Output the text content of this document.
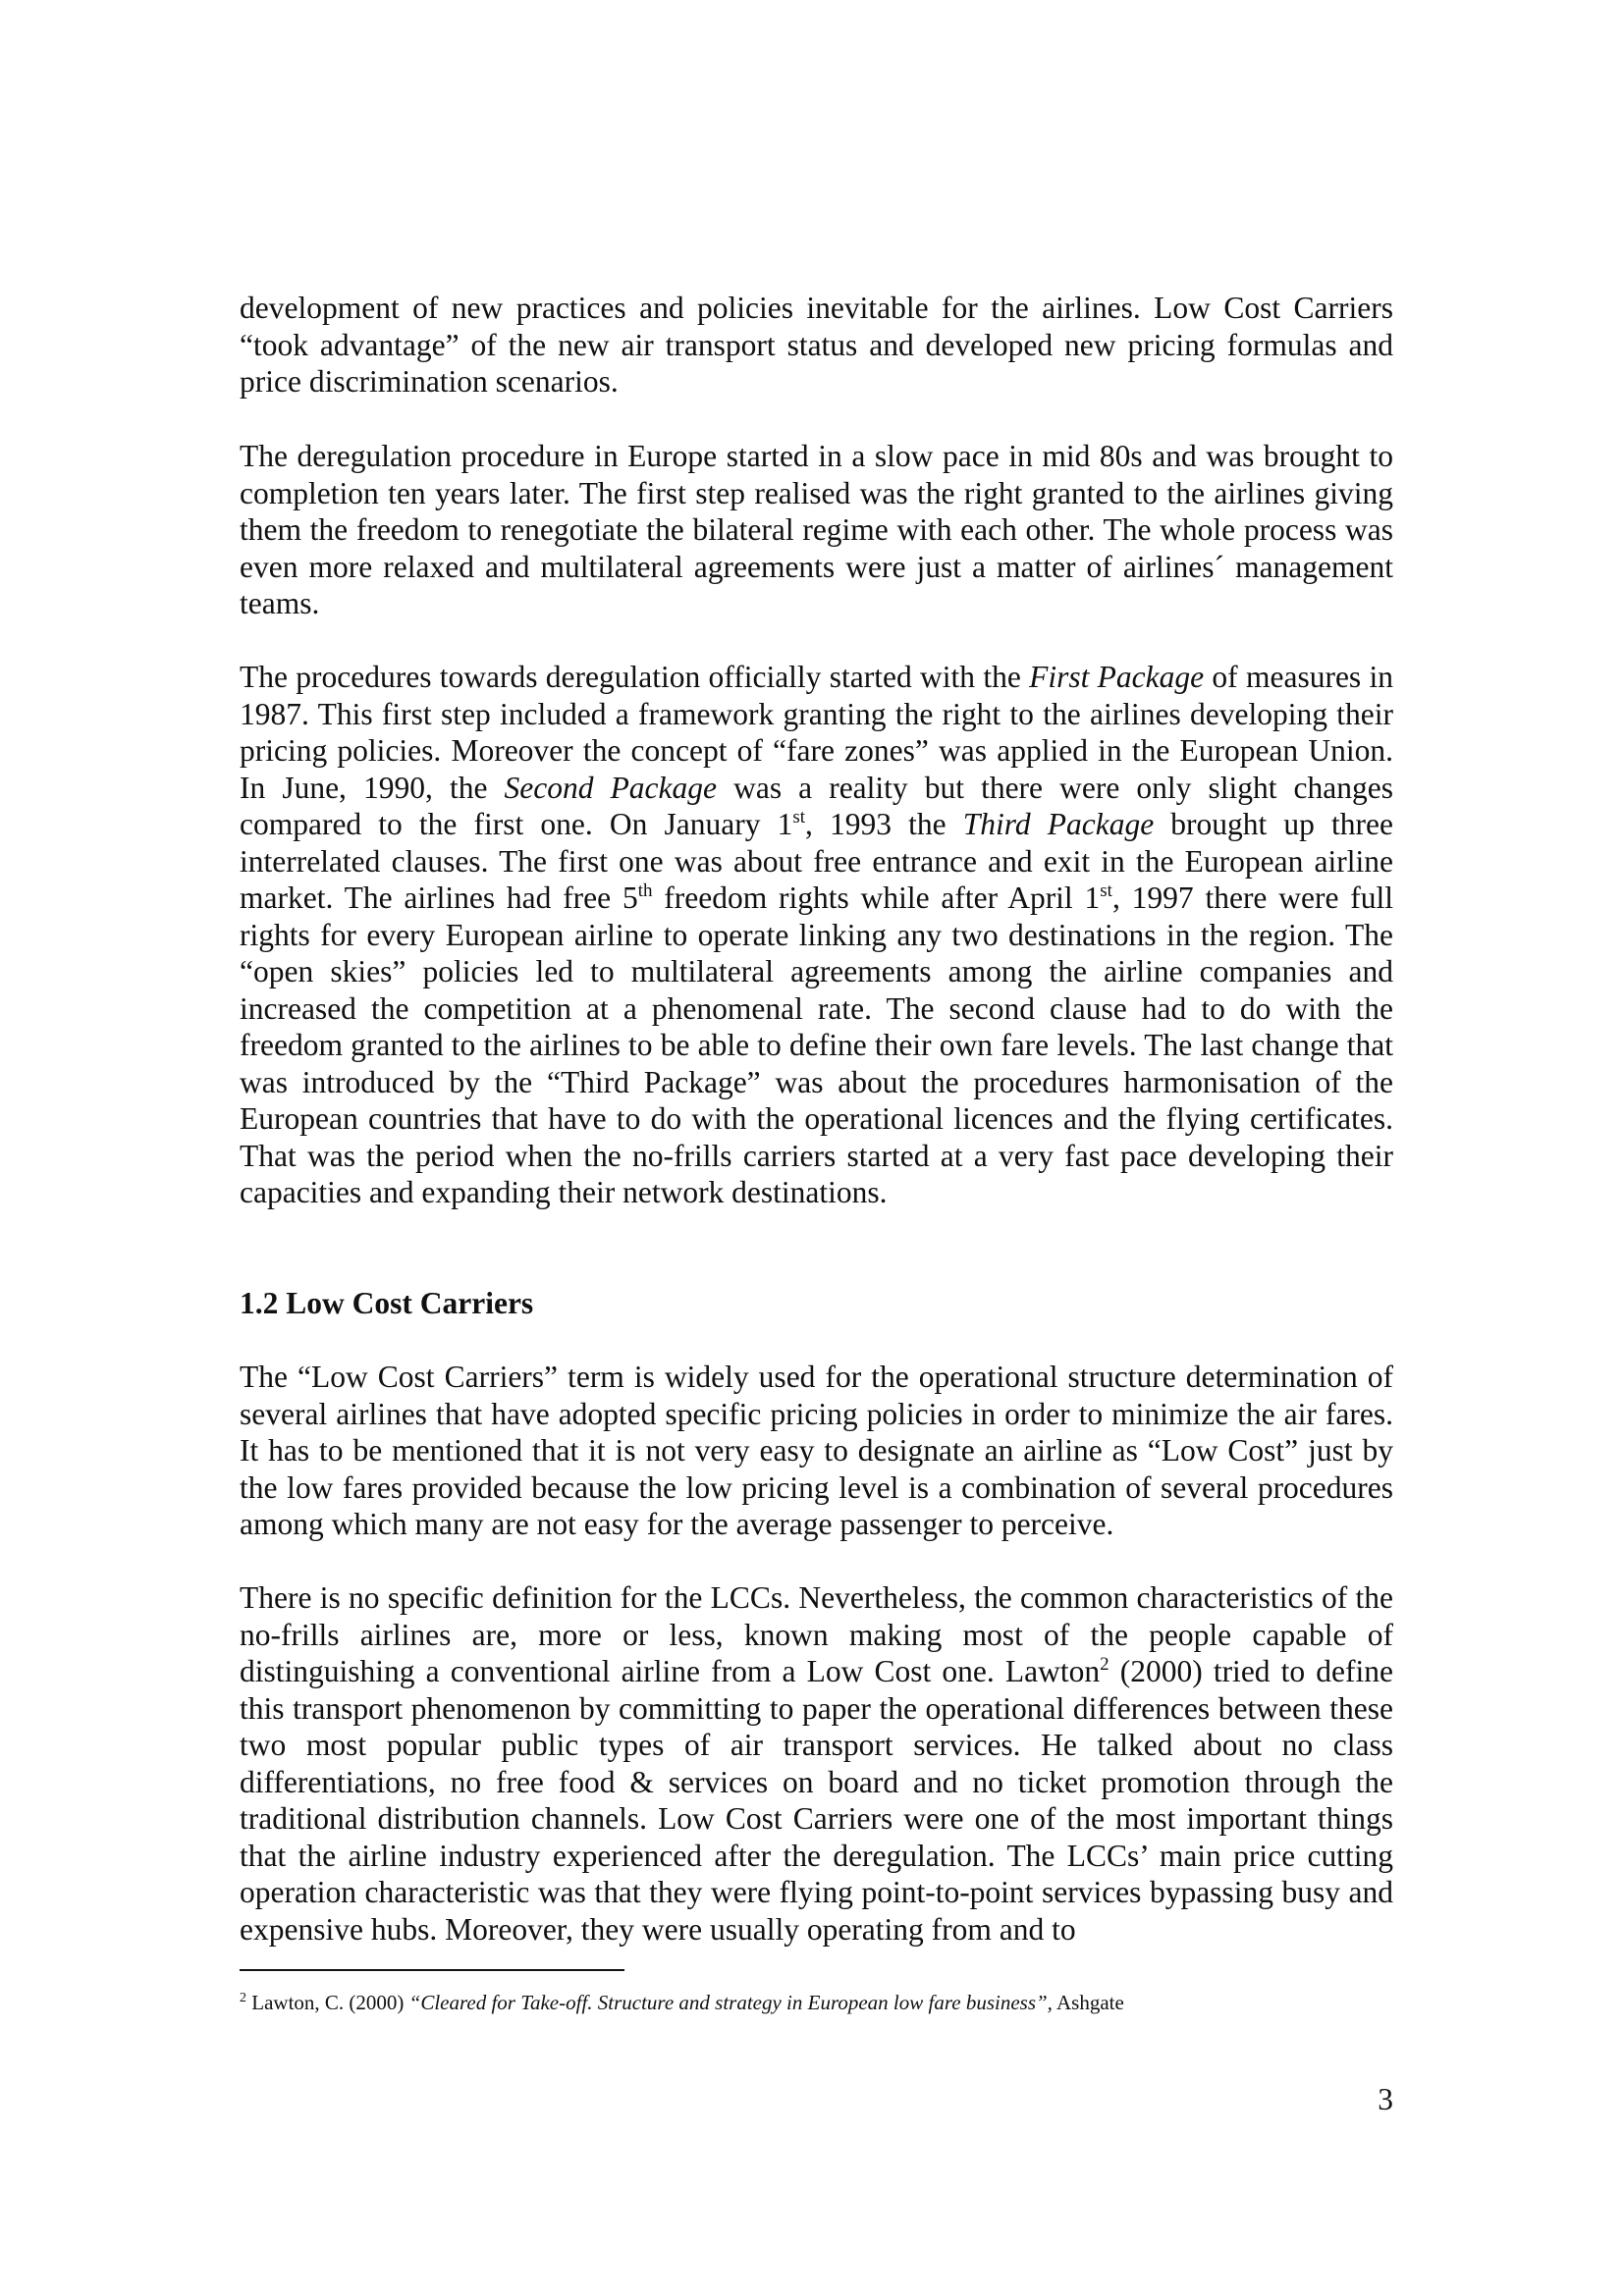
development of new practices and policies inevitable for the airlines. Low Cost Carriers “took advantage” of the new air transport status and developed new pricing formulas and price discrimination scenarios.

The deregulation procedure in Europe started in a slow pace in mid 80s and was brought to completion ten years later. The first step realised was the right granted to the airlines giving them the freedom to renegotiate the bilateral regime with each other. The whole process was even more relaxed and multilateral agreements were just a matter of airlines´ management teams.

The procedures towards deregulation officially started with the First Package of measures in 1987. This first step included a framework granting the right to the airlines developing their pricing policies. Moreover the concept of “fare zones” was applied in the European Union. In June, 1990, the Second Package was a reality but there were only slight changes compared to the first one. On January 1st, 1993 the Third Package brought up three interrelated clauses. The first one was about free entrance and exit in the European airline market. The airlines had free 5th freedom rights while after April 1st, 1997 there were full rights for every European airline to operate linking any two destinations in the region. The “open skies” policies led to multilateral agreements among the airline companies and increased the competition at a phenomenal rate. The second clause had to do with the freedom granted to the airlines to be able to define their own fare levels. The last change that was introduced by the “Third Package” was about the procedures harmonisation of the European countries that have to do with the operational licences and the flying certificates. That was the period when the no-frills carriers started at a very fast pace developing their capacities and expanding their network destinations.

1.2 Low Cost Carriers

The “Low Cost Carriers” term is widely used for the operational structure determination of several airlines that have adopted specific pricing policies in order to minimize the air fares. It has to be mentioned that it is not very easy to designate an airline as “Low Cost” just by the low fares provided because the low pricing level is a combination of several procedures among which many are not easy for the average passenger to perceive.

There is no specific definition for the LCCs. Nevertheless, the common characteristics of the no-frills airlines are, more or less, known making most of the people capable of distinguishing a conventional airline from a Low Cost one. Lawton$^2$ (2000) tried to define this transport phenomenon by committing to paper the operational differences between these two most popular public types of air transport services. He talked about no class differentiations, no free food & services on board and no ticket promotion through the traditional distribution channels. Low Cost Carriers were one of the most important things that the airline industry experienced after the deregulation. The LCCs’ main price cutting operation characteristic was that they were flying point-to-point services bypassing busy and expensive hubs. Moreover, they were usually operating from and to

$^2$ Lawton, C. (2000) “Cleared for Take-off. Structure and strategy in European low fare business”, Ashgate

3
